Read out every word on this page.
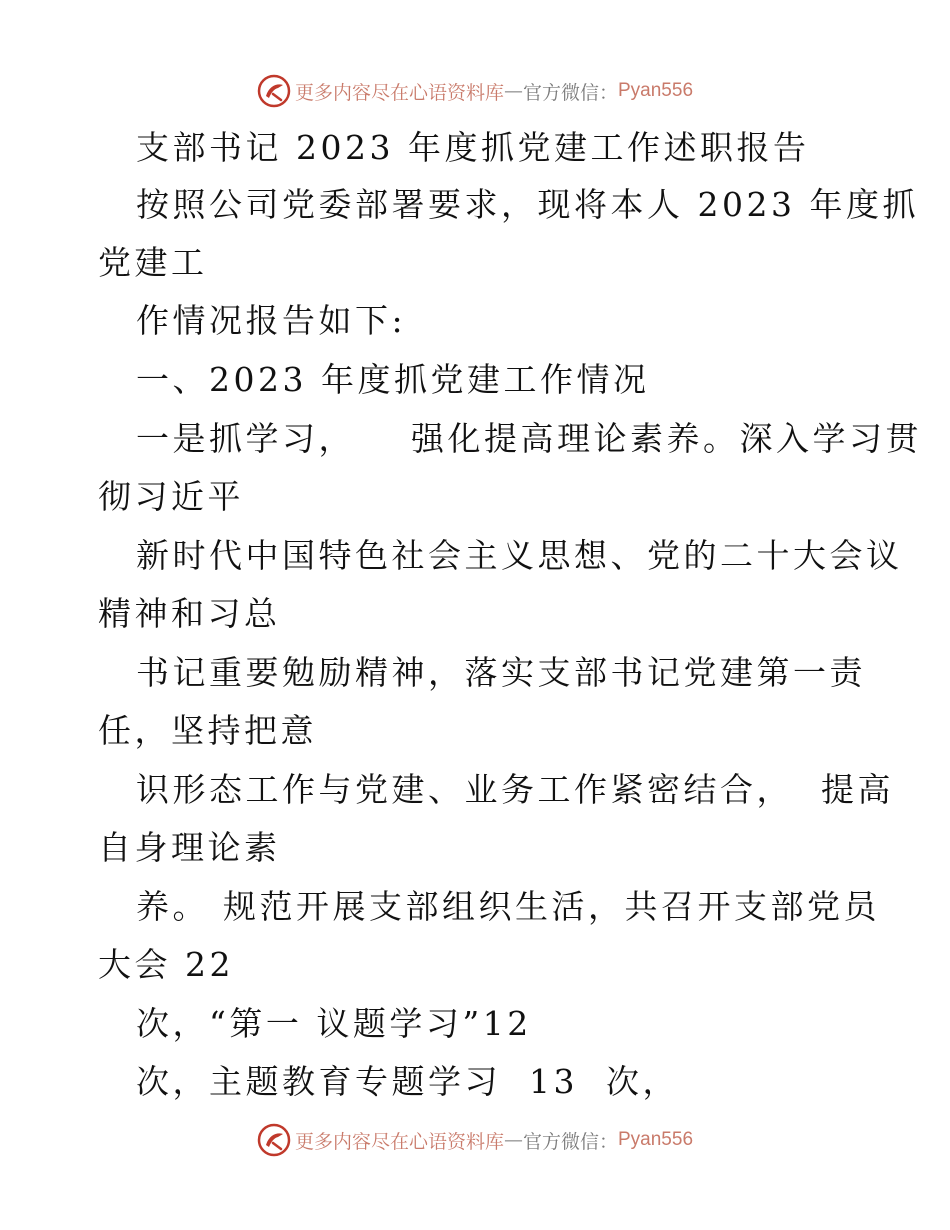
更多内容尽在心语资料库 — 官方微信： Pyan556
支部书记 2023 年度抓党建工作述职报告
按照公司党委部署要求，现将本人 2023 年度抓
党建工
作情况报告如下:
一、2023 年度抓党建工作情况
一是抓学习，    强化提高理论素养。深入学习贯
彻习近平
新时代中国特色社会主义思想、党的二十大会议
精神和习总
书记重要勉励精神，落实支部书记党建第一责
任，坚持把意
识形态工作与党建、业务工作紧密结合，  提高
自身理论素
养。 规范开展支部组织生活，共召开支部党员
大会 22
次，“第一 议题学习”12
次，主题教育专题学习  13  次，
更多内容尽在心语资料库 — 官方微信： Pyan556
